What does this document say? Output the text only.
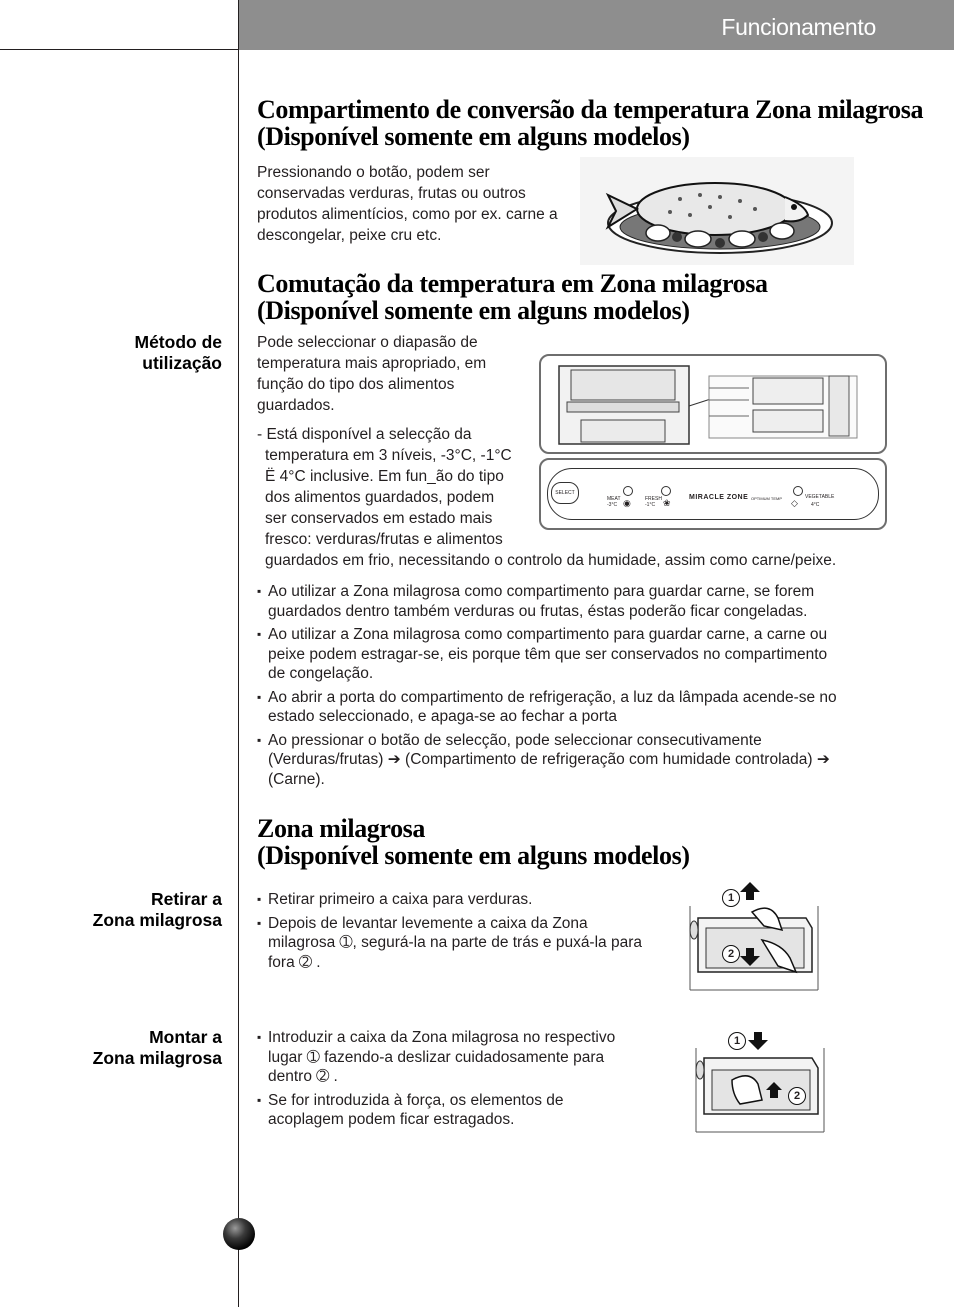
Funcionamento
Compartimento de conversão da temperatura Zona milagrosa
(Disponível somente em alguns modelos)

Pressionando o botão, podem ser

conservadas verduras, frutas ou outros

produtos alimentícios, como por ex. carne a

descongelar, peixe cru etc.

Comutação da temperatura em Zona milagrosa
(Disponível somente em alguns modelos)
Método de
utilização

Pode seleccionar o diapasão de

temperatura mais apropriado, em

função do tipo dos alimentos

guardados.

- Está disponível a selecção da

temperatura em 3 níveis, -3°C, -1°C

Ë 4°C inclusive. Em fun_ão do tipo

dos alimentos guardados, podem

ser conservados em estado mais

fresco: verduras/frutas e alimentos

guardados em frio, necessitando o controlo da humidade, assim como carne/peixe.

SELECT
MEAT
-3°C ◉	FRESH
-1°C ❀
MIRACLE ZONE OPTIMUM TEMP	VEGETABLE
4°C
◇
▪ Ao utilizar a Zona milagrosa como compartimento para guardar carne, se forem
guardados dentro também verduras ou frutas, éstas poderão ficar congeladas.
▪ Ao utilizar a Zona milagrosa como compartimento para guardar carne, a carne ou
peixe podem estragar-se, eis porque têm que ser conservados no compartimento
de congelação.
▪ Ao abrir a porta do compartimento de refrigeração, a luz da lâmpada acende-se no
estado seleccionado, e apaga-se ao fechar a porta
▪ Ao pressionar o botão de selecção, pode seleccionar consecutivamente
(Verduras/frutas) ➔ (Compartimento de refrigeração com humidade controlada) ➔
(Carne).
Zona milagrosa
(Disponível somente em alguns modelos)
Retirar a
Zona milagrosa
▪ Retirar primeiro a caixa para verduras.
▪ Depois de levantar levemente a caixa da Zona
milagrosa ➀, segurá-la na parte de trás e puxá-la para
fora ➁ .
1
2
Montar a
Zona milagrosa
▪ Introduzir a caixa da Zona milagrosa no respectivo
lugar ➀ fazendo-a deslizar cuidadosamente para
dentro ➁ .
▪ Se for introduzida à força, os elementos de
acoplagem podem ficar estragados.
1
2
